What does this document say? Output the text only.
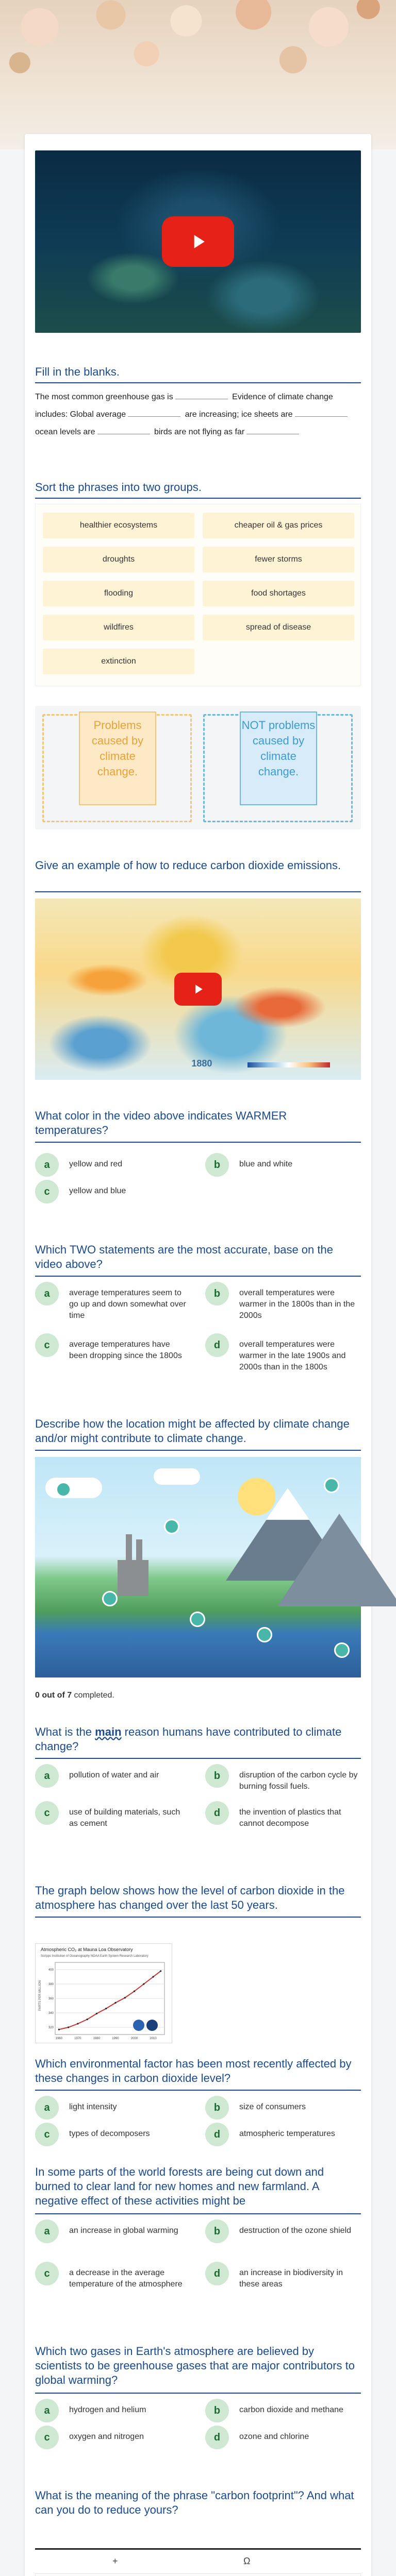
Fill in the blanks.
The most common greenhouse gas is	Evidence of climate change includes: Global average	are increasing; ice sheets are ocean levels are	birds are not flying as far
Sort the phrases into two groups.
healthier ecosystems	cheaper oil & gas prices
droughts	fewer storms
flooding	food shortages
wildfires	spread of disease
extinction
Problems caused by climate change.
NOT problems caused by climate change.
Give an example of how to reduce carbon dioxide emissions.
1880
What color in the video above indicates WARMER temperatures?
a	yellow and red	b	blue and white
c	yellow and blue
Which TWO statements are the most accurate, base on the video above?
a	average temperatures seem to go up and down somewhat over time
b	overall temperatures were warmer in the 1800s than in the 2000s
c	average temperatures have been dropping since the 1800s
d	overall temperatures were warmer in the late 1900s and 2000s than in the 1800s
Describe how the location might be affected by climate change and/or might contribute to climate change.
0 out of 7 completed.
What is the main reason humans have contributed to climate change?
a	pollution of water and air	b	disruption of the carbon cycle by burning fossil fuels.
c	use of building materials, such as cement
d	the invention of plastics that cannot decompose
The graph below shows how the level of carbon dioxide in the atmosphere has changed over the last 50 years.
Atmospheric CO₂ at Mauna Loa Observatory
Scripps Institution of Oceanography NOAA Earth System Research Laboratory
PARTS PER MILLION
320
340
360
380
400
1960	1970	1980	1990	2000	2010
Which environmental factor has been most recently affected by these changes in carbon dioxide level?
a	light intensity	b	size of consumers
c	types of decomposers	d	atmospheric temperatures
In some parts of the world forests are being cut down and burned to clear land for new homes and new farmland. A negative effect of these activities might be
a	an increase in global warming	b	destruction of the ozone shield
c	a decrease in the average temperature of the atmosphere
d	an increase in biodiversity in these areas
Which two gases in Earth's atmosphere are believed by scientists to be greenhouse gases that are major contributors to global warming?
a	hydrogen and helium	b	carbon dioxide and methane
c	oxygen and nitrogen	d	ozone and chlorine
What is the meaning of the phrase "carbon footprint"? And what can you do to reduce yours?
+	Ω
